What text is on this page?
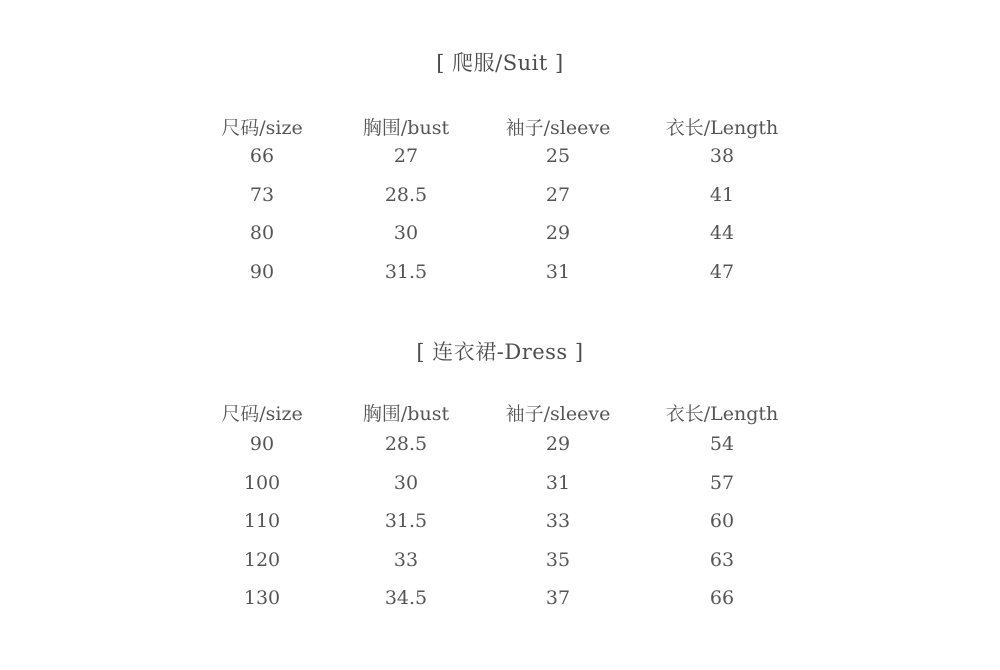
[ 爬服/Suit ]
尺码/size	胸围/bust	袖子/sleeve	衣长/Length
66	27	25	38
73	28.5	27	41
80	30	29	44
90	31.5	31	47
[ 连衣裙-Dress ]
尺码/size	胸围/bust	袖子/sleeve	衣长/Length
90	28.5	29	54
100	30	31	57
110	31.5	33	60
120	33	35	63
130	34.5	37	66
